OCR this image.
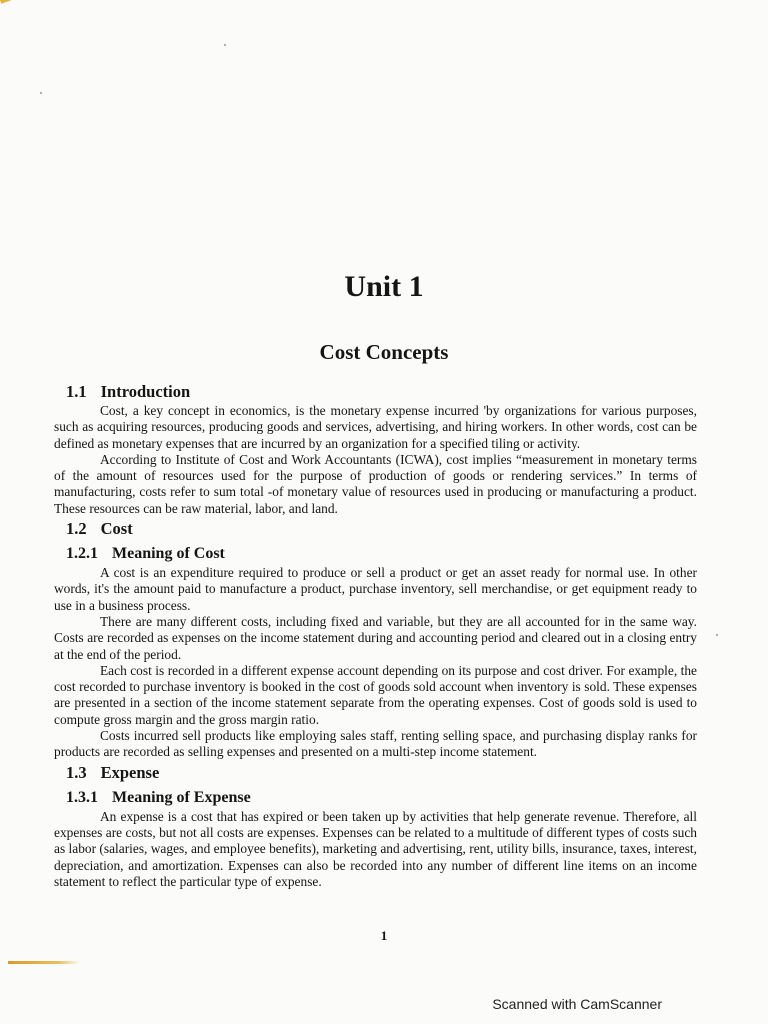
Unit 1
Cost Concepts
1.1 Introduction

Cost, a key concept in economics, is the monetary expense incurred 'by organizations for various purposes, such as acquiring resources, producing goods and services, advertising, and hiring workers. In other words, cost can be defined as monetary expenses that are incurred by an organization for a specified tiling or activity.

According to Institute of Cost and Work Accountants (ICWA), cost implies “measurement in monetary terms of the amount of resources used for the purpose of production of goods or rendering services.” In terms of manufacturing, costs refer to sum total -of monetary value of resources used in producing or manufacturing a product. These resources can be raw material, labor, and land.

1.2 Cost
1.2.1 Meaning of Cost

A cost is an expenditure required to produce or sell a product or get an asset ready for normal use. In other words, it's the amount paid to manufacture a product, purchase inventory, sell merchandise, or get equipment ready to use in a business process.

There are many different costs, including fixed and variable, but they are all accounted for in the same way. Costs are recorded as expenses on the income statement during and accounting period and cleared out in a closing entry at the end of the period.

Each cost is recorded in a different expense account depending on its purpose and cost driver. For example, the cost recorded to purchase inventory is booked in the cost of goods sold account when inventory is sold. These expenses are presented in a section of the income statement separate from the operating expenses. Cost of goods sold is used to compute gross margin and the gross margin ratio.

Costs incurred sell products like employing sales staff, renting selling space, and purchasing display ranks for products are recorded as selling expenses and presented on a multi-step income statement.

1.3 Expense
1.3.1 Meaning of Expense

An expense is a cost that has expired or been taken up by activities that help generate revenue. Therefore, all expenses are costs, but not all costs are expenses. Expenses can be related to a multitude of different types of costs such as labor (salaries, wages, and employee benefits), marketing and advertising, rent, utility bills, insurance, taxes, interest, depreciation, and amortization. Expenses can also be recorded into any number of different line items on an income statement to reflect the particular type of expense.

1
Scanned with CamScanner
